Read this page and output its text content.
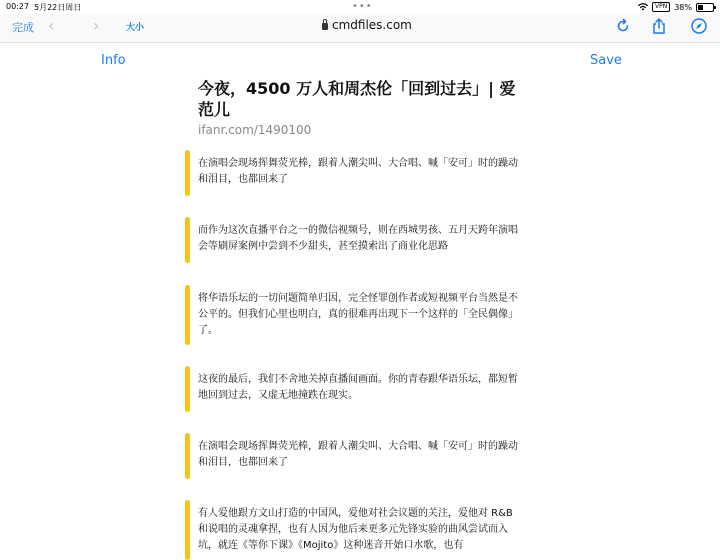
00:27 5月22日周日	•••	VPN 38%
完成 ‹ ›	大小	cmdfiles.com
Info	Save
今夜，4500 万人和周杰伦「回到过去」| 爱范儿
ifanr.com/1490100
在演唱会现场挥舞荧光棒，跟着人潮尖叫、大合唱、喊「安可」时的躁动和泪目，也都回来了
而作为这次直播平台之一的微信视频号，则在西城男孩、五月天跨年演唱会等刷屏案例中尝到不少甜头，甚至摸索出了商业化思路
将华语乐坛的一切问题简单归因，完全怪罪创作者或短视频平台当然是不公平的。但我们心里也明白，真的很难再出现下一个这样的「全民偶像」了。
这夜的最后，我们不舍地关掉直播间画面。你的青春跟华语乐坛，都短暂地回到过去，又虚无地撞跌在现实。
在演唱会现场挥舞荧光棒，跟着人潮尖叫、大合唱、喊「安可」时的躁动和泪目，也都回来了
有人爱他跟方文山打造的中国风，爱他对社会议题的关注，爱他对 R&B 和说唱的灵魂拿捏，也有人因为他后来更多元先锋实验的曲风尝试而入坑，就连《等你下课》《Mojito》这种迷音开始口水歌，也有
